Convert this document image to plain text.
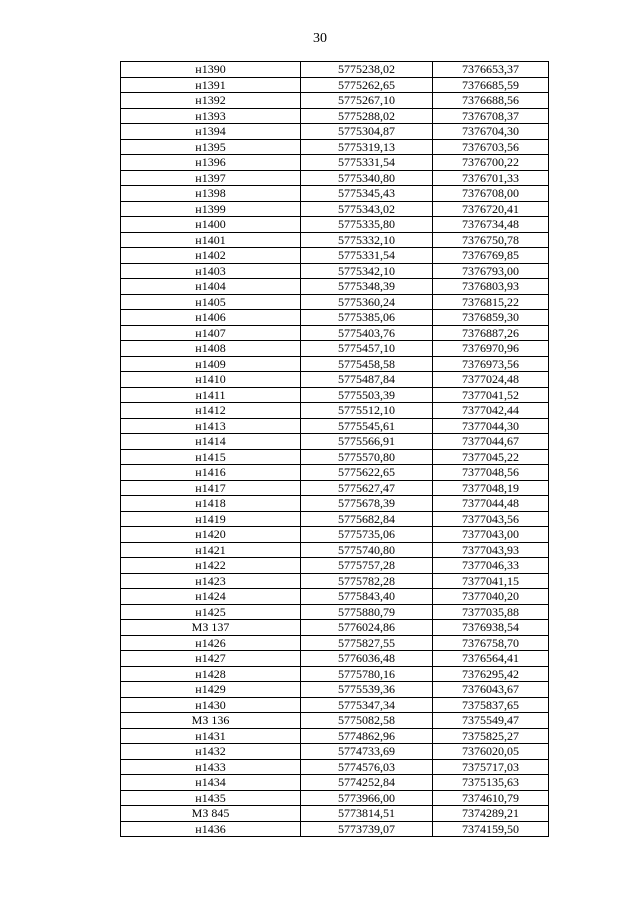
30
н1390	5775238,02	7376653,37
н1391	5775262,65	7376685,59
н1392	5775267,10	7376688,56
н1393	5775288,02	7376708,37
н1394	5775304,87	7376704,30
н1395	5775319,13	7376703,56
н1396	5775331,54	7376700,22
н1397	5775340,80	7376701,33
н1398	5775345,43	7376708,00
н1399	5775343,02	7376720,41
н1400	5775335,80	7376734,48
н1401	5775332,10	7376750,78
н1402	5775331,54	7376769,85
н1403	5775342,10	7376793,00
н1404	5775348,39	7376803,93
н1405	5775360,24	7376815,22
н1406	5775385,06	7376859,30
н1407	5775403,76	7376887,26
н1408	5775457,10	7376970,96
н1409	5775458,58	7376973,56
н1410	5775487,84	7377024,48
н1411	5775503,39	7377041,52
н1412	5775512,10	7377042,44
н1413	5775545,61	7377044,30
н1414	5775566,91	7377044,67
н1415	5775570,80	7377045,22
н1416	5775622,65	7377048,56
н1417	5775627,47	7377048,19
н1418	5775678,39	7377044,48
н1419	5775682,84	7377043,56
н1420	5775735,06	7377043,00
н1421	5775740,80	7377043,93
н1422	5775757,28	7377046,33
н1423	5775782,28	7377041,15
н1424	5775843,40	7377040,20
н1425	5775880,79	7377035,88
МЗ 137	5776024,86	7376938,54
н1426	5775827,55	7376758,70
н1427	5776036,48	7376564,41
н1428	5775780,16	7376295,42
н1429	5775539,36	7376043,67
н1430	5775347,34	7375837,65
МЗ 136	5775082,58	7375549,47
н1431	5774862,96	7375825,27
н1432	5774733,69	7376020,05
н1433	5774576,03	7375717,03
н1434	5774252,84	7375135,63
н1435	5773966,00	7374610,79
МЗ 845	5773814,51	7374289,21
н1436	5773739,07	7374159,50
